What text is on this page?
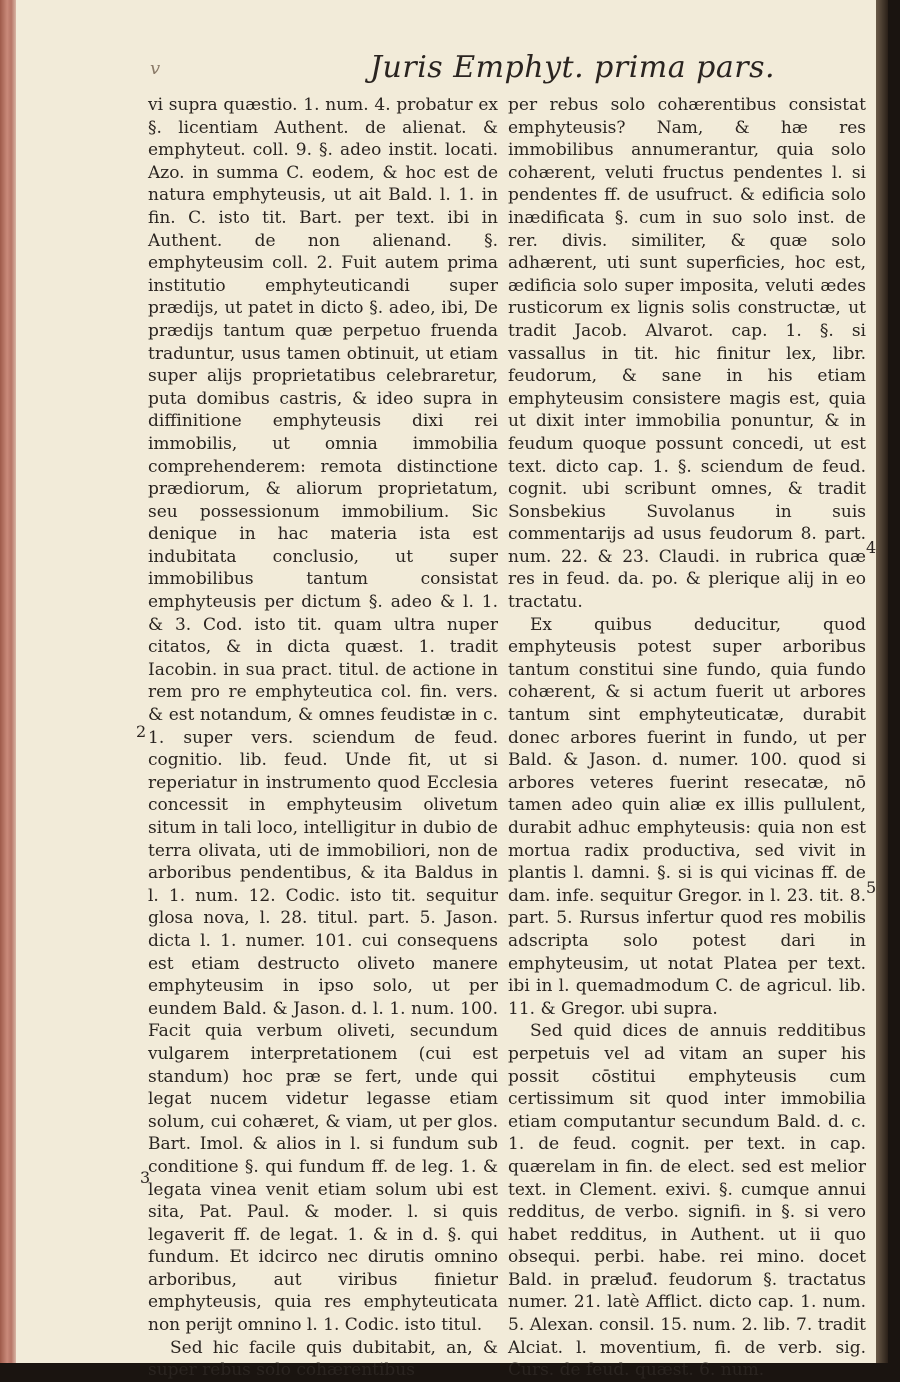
v	Juris Emphyt. prima pars.

vi supra quæstio. 1. num. 4. probatur ex §. licentiam Authent. de alienat. & emphyteut. coll. 9. §. adeo instit. locati. Azo. in summa C. eodem, & hoc est de natura emphyteusis, ut ait Bald. l. 1. in fin. C. isto tit. Bart. per text. ibi in Authent. de non alienand. §. emphyteusim coll. 2. Fuit autem prima institutio emphyteuticandi super prædijs, ut patet in dicto §. adeo, ibi, De prædijs tantum quæ perpetuo fruenda traduntur, usus tamen obtinuit, ut etiam super alijs proprietatibus celebraretur, puta domibus castris, & ideo supra in diffinitione emphyteusis dixi rei immobilis, ut omnia immobilia comprehenderem: remota distinctione prædiorum, & aliorum proprietatum, seu possessionum immobilium. Sic denique in hac materia ista est indubitata conclusio, ut super immobilibus tantum consistat emphyteusis per dictum §. adeo & l. 1. & 3. Cod. isto tit. quam ultra nuper citatos, & in dicta quæst. 1. tradit Iacobin. in sua pract. titul. de actione in rem pro re emphyteutica col. fin. vers. & est notandum, & omnes feudistæ in c. 1. super vers. sciendum de feud. cognitio. lib. feud. Unde fit, ut si reperiatur in instrumento quod Ecclesia concessit in emphyteusim olivetum situm in tali loco, intelligitur in dubio de terra olivata, uti de immobiliori, non de arboribus pendentibus, & ita Baldus in l. 1. num. 12. Codic. isto tit. sequitur glosa nova, l. 28. titul. part. 5. Jason. dicta l. 1. numer. 101. cui consequens est etiam destructo oliveto manere emphyteusim in ipso solo, ut per eundem Bald. & Jason. d. l. 1. num. 100. Facit quia verbum oliveti, secundum vulgarem interpretationem (cui est standum) hoc præ se fert, unde qui legat nucem videtur legasse etiam solum, cui cohæret, & viam, ut per glos. Bart. Imol. & alios in l. si fundum sub conditione §. qui fundum ff. de leg. 1. & legata vinea venit etiam solum ubi est sita, Pat. Paul. & moder. l. si quis legaverit ff. de legat. 1. & in d. §. qui fundum. Et idcirco nec dirutis omnino arboribus, aut viribus finietur emphyteusis, quia res emphyteuticata non perijt omnino l. 1. Codic. isto titul.

Sed hic facile quis dubitabit, an, & super rebus solo cohærentibus

per rebus solo cohærentibus consistat emphyteusis? Nam, & hæ res immobilibus annumerantur, quia solo cohærent, veluti fructus pendentes l. si pendentes ff. de usufruct. & edificia solo inædificata §. cum in suo solo inst. de rer. divis. similiter, & quæ solo adhærent, uti sunt superficies, hoc est, ædificia solo super imposita, veluti ædes rusticorum ex lignis solis constructæ, ut tradit Jacob. Alvarot. cap. 1. §. si vassallus in tit. hic finitur lex, libr. feudorum, & sane in his etiam emphyteusim consistere magis est, quia ut dixit inter immobilia ponuntur, & in feudum quoque possunt concedi, ut est text. dicto cap. 1. §. sciendum de feud. cognit. ubi scribunt omnes, & tradit Sonsbekius Suvolanus in suis commentarijs ad usus feudorum 8. part. num. 22. & 23. Claudi. in rubrica quæ res in feud. da. po. & plerique alij in eo tractatu.

Ex quibus deducitur, quod emphyteusis potest super arboribus tantum constitui sine fundo, quia fundo cohærent, & si actum fuerit ut arbores tantum sint emphyteuticatæ, durabit donec arbores fuerint in fundo, ut per Bald. & Jason. d. numer. 100. quod si arbores veteres fuerint resecatæ, nō tamen adeo quin aliæ ex illis pullulent, durabit adhuc emphyteusis: quia non est mortua radix productiva, sed vivit in plantis l. damni. §. si is qui vicinas ff. de dam. infe. sequitur Gregor. in l. 23. tit. 8. part. 5. Rursus infertur quod res mobilis adscripta solo potest dari in emphyteusim, ut notat Platea per text. ibi in l. quemadmodum C. de agricul. lib. 11. & Gregor. ubi supra.

Sed quid dices de annuis redditibus perpetuis vel ad vitam an super his possit cōstitui emphyteusis cum certissimum sit quod inter immobilia etiam computantur secundum Bald. d. c. 1. de feud. cognit. per text. in cap. quærelam in fin. de elect. sed est melior text. in Clement. exivi. §. cumque annui redditus, de verbo. signifi. in §. si vero habet redditus, in Authent. ut ii quo obsequi. perbi. habe. rei mino. docet Bald. in præluđ. feudorum §. tractatus numer. 21. latè Afflict. dicto cap. 1. num. 5. Alexan. consil. 15. num. 2. lib. 7. tradit Alciat. l. moventium, fi. de verb. sig. Curs. de feud. quæst. 6. num.

2
3
4
5
